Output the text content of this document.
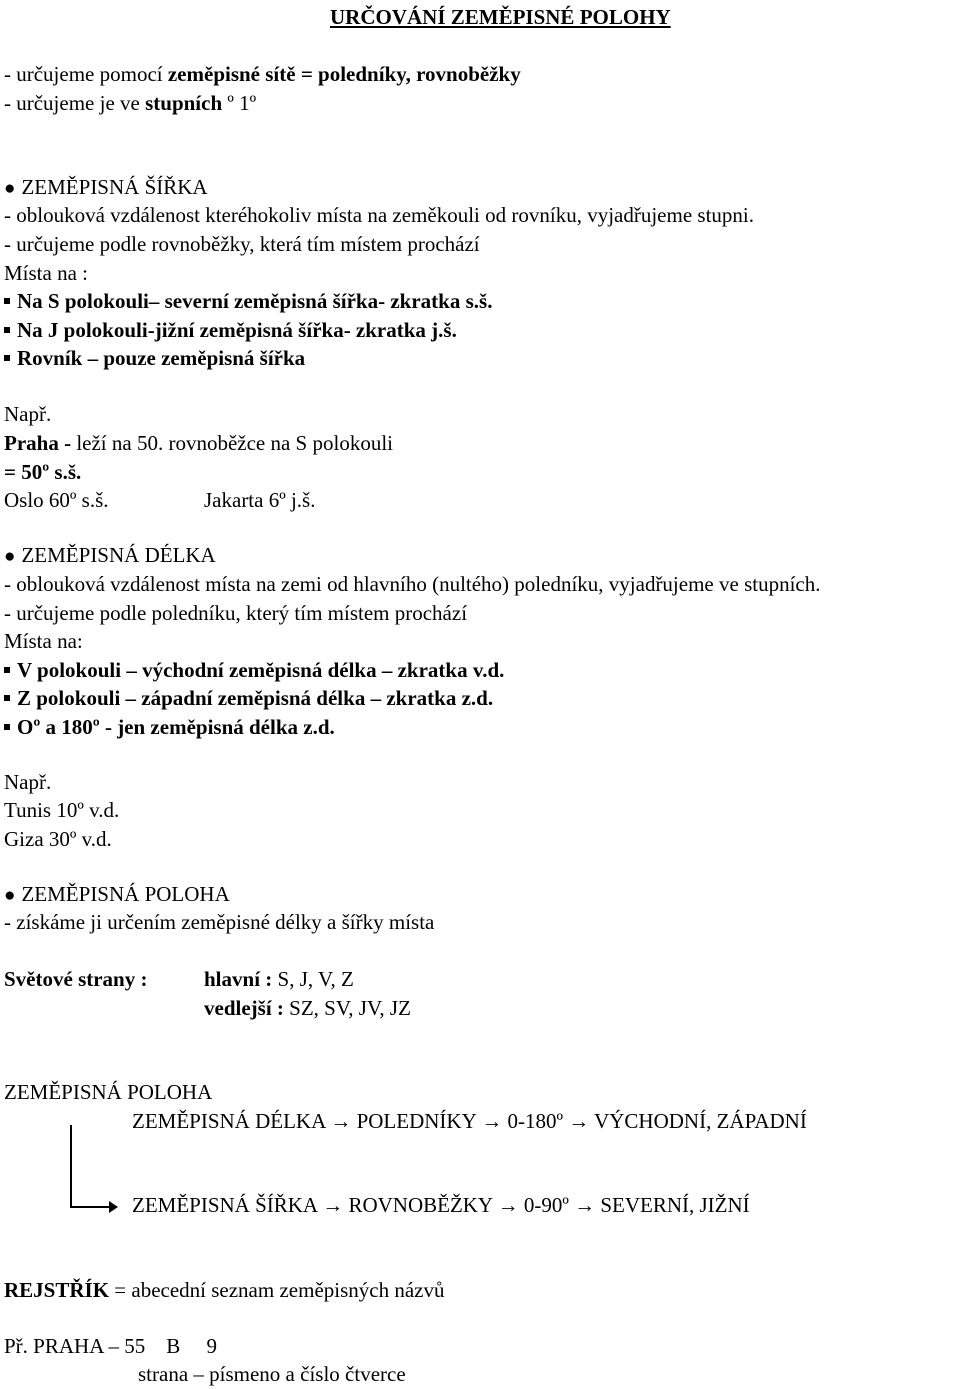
URČOVÁNÍ ZEMĚPISNÉ POLOHY
- určujeme pomocí zeměpisné sítě = poledníky, rovnoběžky
- určujeme je ve stupních º 1º
● ZEMĚPISNÁ ŠÍŘKA
- oblouková vzdálenost kteréhokoliv místa na zeměkouli od rovníku, vyjadřujeme stupni.
- určujeme podle rovnoběžky, která tím místem prochází
Místa na :
Na S polokouli– severní zeměpisná šířka- zkratka s.š.
Na J polokouli-jižní zeměpisná šířka- zkratka j.š.
Rovník – pouze zeměpisná šířka
Např.
Praha - leží na 50. rovnoběžce na S polokouli
= 50º s.š.
Oslo 60º s.š.	Jakarta 6º j.š.
● ZEMĚPISNÁ DÉLKA
- oblouková vzdálenost místa na zemi od hlavního (nultého) poledníku, vyjadřujeme ve stupních.
- určujeme podle poledníku, který tím místem prochází
Místa na:
V polokouli – východní zeměpisná délka – zkratka v.d.
Z polokouli – západní zeměpisná délka – zkratka z.d.
Oº a 180º - jen zeměpisná délka z.d.
Např.
Tunis 10º v.d.
Giza 30º v.d.
● ZEMĚPISNÁ POLOHA
- získáme ji určením zeměpisné délky a šířky místa
Světové strany :	hlavní : S, J, V, Z
vedlejší : SZ, SV, JV, JZ
ZEMĚPISNÁ POLOHA
ZEMĚPISNÁ DÉLKA → POLEDNÍKY → 0-180º → VÝCHODNÍ, ZÁPADNÍ
ZEMĚPISNÁ ŠÍŘKA → ROVNOBĚŽKY → 0-90º → SEVERNÍ, JIŽNÍ
REJSTŘÍK = abecední seznam zeměpisných názvů
Př. PRAHA – 55    B     9
strana – písmeno a číslo čtverce
